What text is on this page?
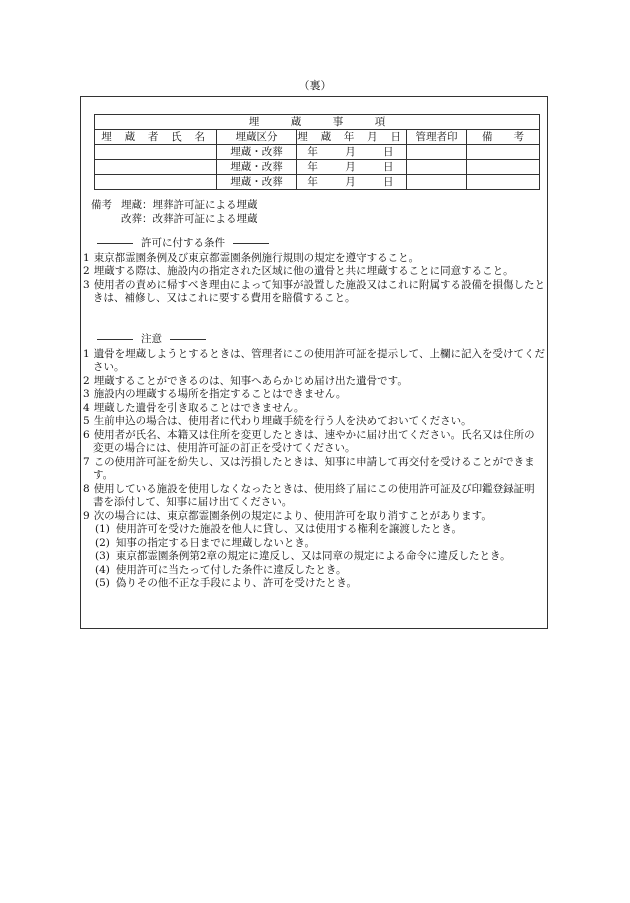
（裏）
埋　　　蔵　　　事　　　項				
埋 蔵 者 氏 名	埋蔵区分	埋 蔵 年 月 日	管理者印	備　　考
	埋蔵・改葬	年　　月　　日		
	埋蔵・改葬	年　　月　　日		
	埋蔵・改葬	年　　月　　日		
備考 埋蔵：埋葬許可証による埋蔵
改葬：改葬許可証による埋蔵
許可に付する条件

1 東京都霊園条例及び東京都霊園条例施行規則の規定を遵守すること。

2 埋蔵する際は、施設内の指定された区域に他の遺骨と共に埋蔵することに同意すること。

3 使用者の責めに帰すべき理由によって知事が設置した施設又はこれに附属する設備を損傷したときは、補修し、又はこれに要する費用を賠償すること。

注意

1 遺骨を埋蔵しようとするときは、管理者にこの使用許可証を提示して、上欄に記入を受けてください。

2 埋蔵することができるのは、知事へあらかじめ届け出た遺骨です。

3 施設内の埋蔵する場所を指定することはできません。

4 埋蔵した遺骨を引き取ることはできません。

5 生前申込の場合は、使用者に代わり埋蔵手続を行う人を決めておいてください。

6 使用者が氏名、本籍又は住所を変更したときは、速やかに届け出てください。氏名又は住所の変更の場合には、使用許可証の訂正を受けてください。

7 この使用許可証を紛失し、又は汚損したときは、知事に申請して再交付を受けることができます。

8 使用している施設を使用しなくなったときは、使用終了届にこの使用許可証及び印鑑登録証明書を添付して、知事に届け出てください。

9 次の場合には、東京都霊園条例の規定により、使用許可を取り消すことがあります。

(1) 使用許可を受けた施設を他人に貸し、又は使用する権利を譲渡したとき。

(2) 知事の指定する日までに埋蔵しないとき。

(3) 東京都霊園条例第2章の規定に違反し、又は同章の規定による命令に違反したとき。

(4) 使用許可に当たって付した条件に違反したとき。

(5) 偽りその他不正な手段により、許可を受けたとき。
